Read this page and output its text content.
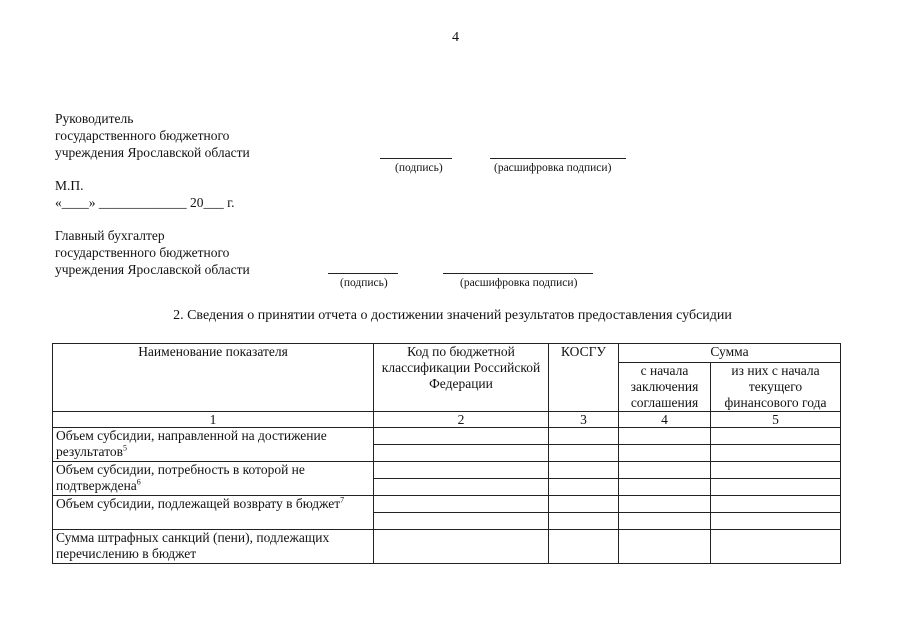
4
Руководитель
государственного бюджетного
учреждения Ярославской области
(подпись)	(расшифровка подписи)
М.П.
«____» _____________ 20___ г.
Главный бухгалтер
государственного бюджетного
учреждения Ярославской области
(подпись)	(расшифровка подписи)
2. Сведения о принятии отчета о достижении значений результатов предоставления субсидии
Наименование показателя	Код по бюджетной классификации Российской Федерации	КОСГУ	Сумма	
			с начала заключения соглашения	из них с начала текущего финансового года
1	2	3	4	5
Объем субсидии, направленной на достижение результатов$^5$				

Объем субсидии, потребность в которой не подтверждена$^6$				

Объем субсидии, подлежащей возврату в бюджет$^7$				

Сумма штрафных санкций (пени), подлежащих перечислению в бюджет				
